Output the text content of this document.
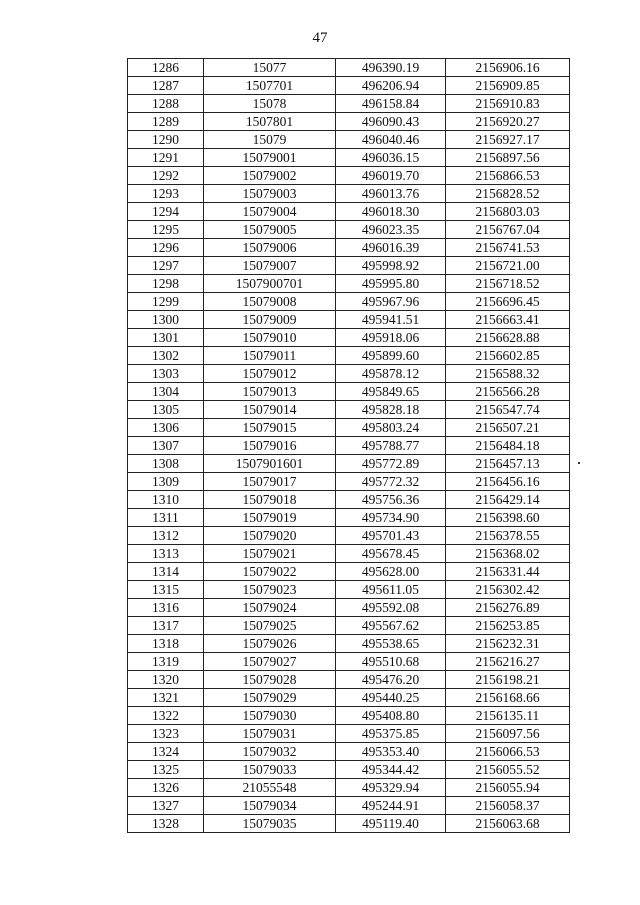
47
1286	15077	496390.19	2156906.16
1287	1507701	496206.94	2156909.85
1288	15078	496158.84	2156910.83
1289	1507801	496090.43	2156920.27
1290	15079	496040.46	2156927.17
1291	15079001	496036.15	2156897.56
1292	15079002	496019.70	2156866.53
1293	15079003	496013.76	2156828.52
1294	15079004	496018.30	2156803.03
1295	15079005	496023.35	2156767.04
1296	15079006	496016.39	2156741.53
1297	15079007	495998.92	2156721.00
1298	1507900701	495995.80	2156718.52
1299	15079008	495967.96	2156696.45
1300	15079009	495941.51	2156663.41
1301	15079010	495918.06	2156628.88
1302	15079011	495899.60	2156602.85
1303	15079012	495878.12	2156588.32
1304	15079013	495849.65	2156566.28
1305	15079014	495828.18	2156547.74
1306	15079015	495803.24	2156507.21
1307	15079016	495788.77	2156484.18
1308	1507901601	495772.89	2156457.13
1309	15079017	495772.32	2156456.16
1310	15079018	495756.36	2156429.14
1311	15079019	495734.90	2156398.60
1312	15079020	495701.43	2156378.55
1313	15079021	495678.45	2156368.02
1314	15079022	495628.00	2156331.44
1315	15079023	495611.05	2156302.42
1316	15079024	495592.08	2156276.89
1317	15079025	495567.62	2156253.85
1318	15079026	495538.65	2156232.31
1319	15079027	495510.68	2156216.27
1320	15079028	495476.20	2156198.21
1321	15079029	495440.25	2156168.66
1322	15079030	495408.80	2156135.11
1323	15079031	495375.85	2156097.56
1324	15079032	495353.40	2156066.53
1325	15079033	495344.42	2156055.52
1326	21055548	495329.94	2156055.94
1327	15079034	495244.91	2156058.37
1328	15079035	495119.40	2156063.68
